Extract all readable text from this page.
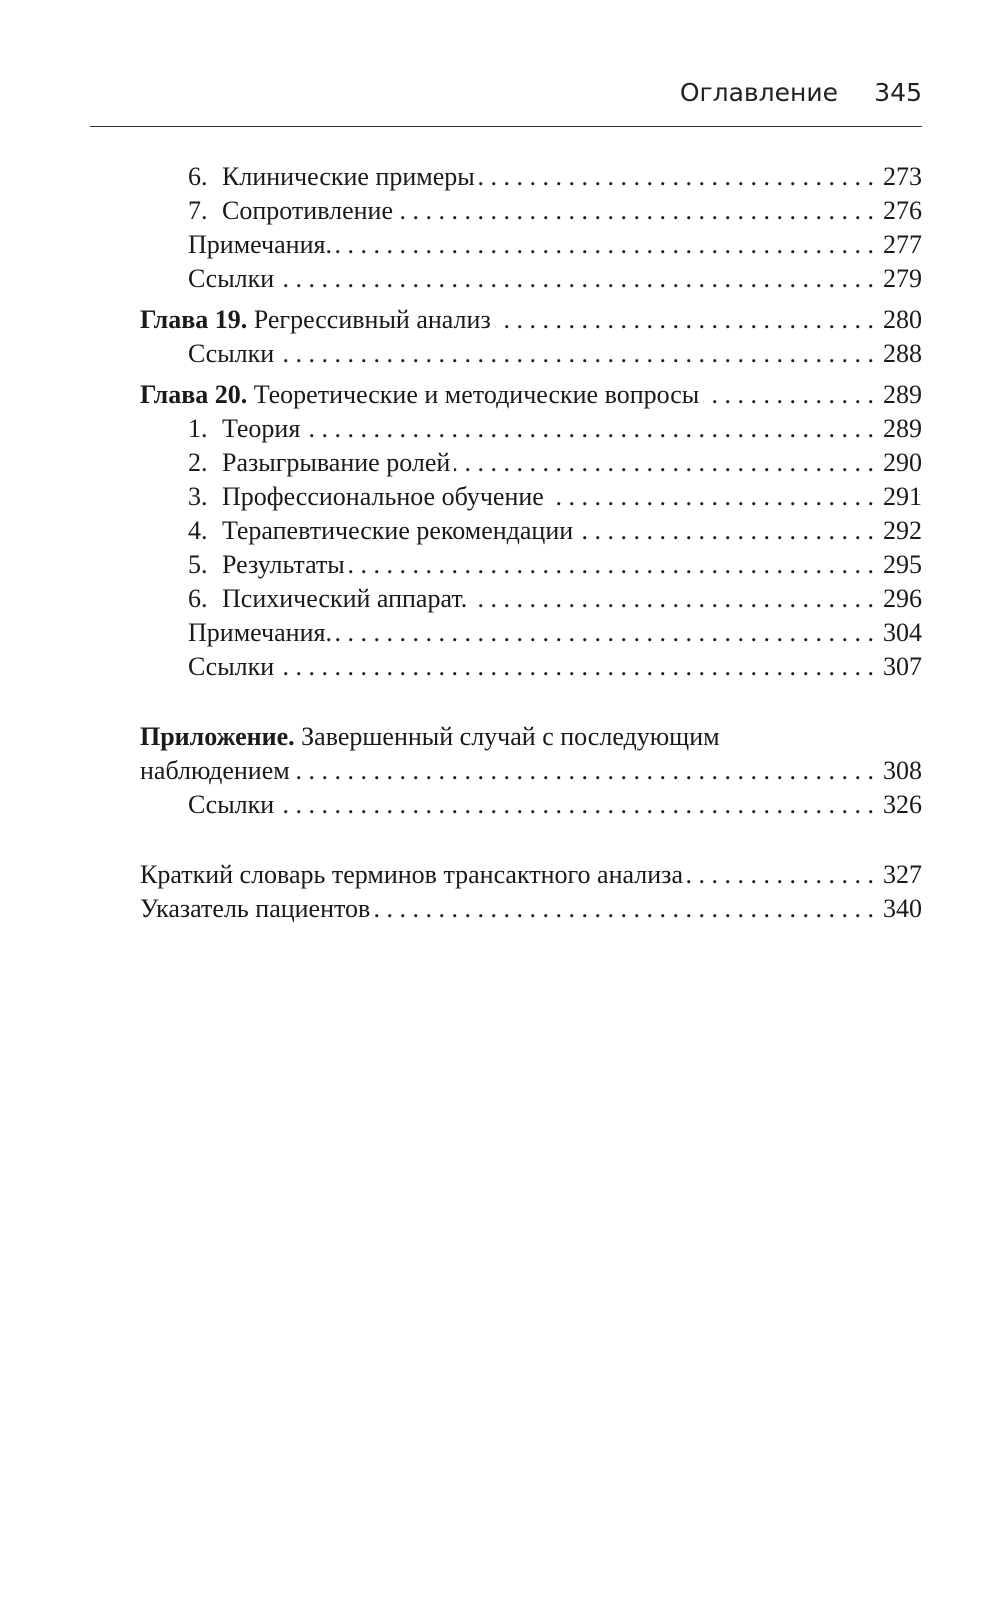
Оглавление 345
6. Клинические примеры . . .	273
7. Сопротивление . . .	276
Примечания. . . .	277
Ссылки . . .	279
Глава 19. Регрессивный анализ . . .	280
Ссылки . . .	288
Глава 20. Теоретические и методические вопросы . . .	289
1. Теория . . .	289
2. Разыгрывание ролей . . .	290
3. Профессиональное обучение . . .	291
4. Терапевтические рекомендации . . .	292
5. Результаты . . .	295
6. Психический аппарат. . . .	296
Примечания. . . .	304
Ссылки . . .	307
Приложение. Завершенный случай с последующим
наблюдением . . .	308
Ссылки . . .	326
Краткий словарь терминов трансактного анализа . . .	327
Указатель пациентов . . .	340
